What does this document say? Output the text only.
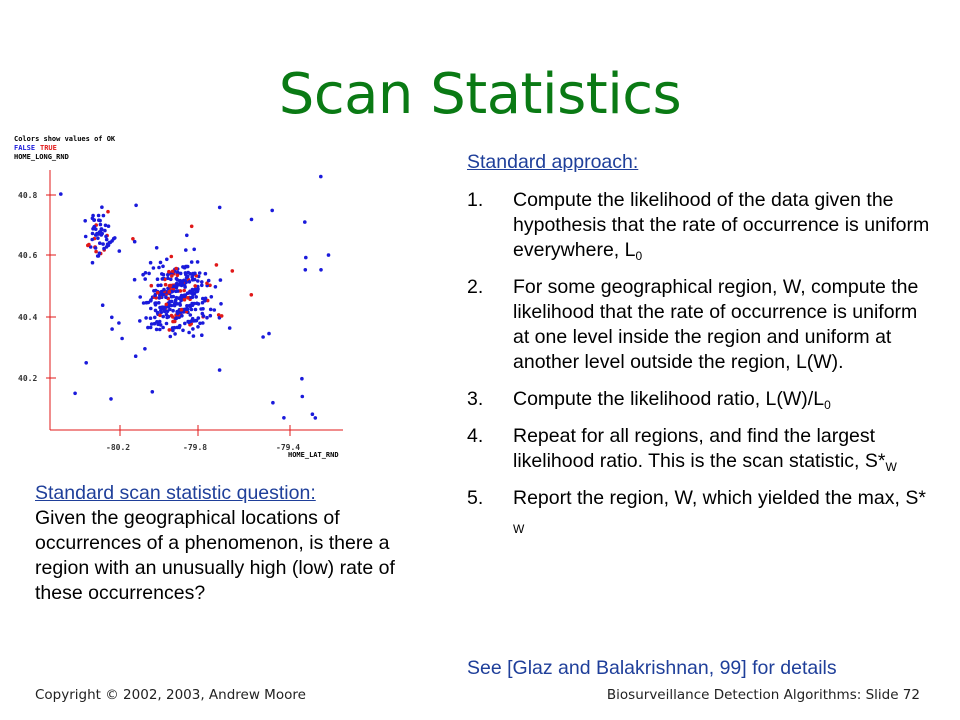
Scan Statistics
Colors show values of OK
FALSE TRUE
HOME_LONG_RND
40.8
40.6
40.4
40.2
-80.2	-79.8	-79.4
HOME_LAT_RND
Standard approach:
1. Compute the likelihood of the data given the hypothesis that the rate of occurrence is uniform everywhere, $L_0$
2. For some geographical region, W, compute the likelihood that the rate of occurrence is uniform at one level inside the region and uniform at another level outside the region, L(W).
3. Compute the likelihood ratio, $L(W)/L_0$
4. Repeat for all regions, and find the largest likelihood ratio. This is the scan statistic, $S*_W$
5. Report the region, W, which yielded the max, S* $_W$
See [Glaz and Balakrishnan, 99] for details
Standard scan statistic question:
Given the geographical locations of occurrences of a phenomenon, is there a region with an unusually high (low) rate of these occurrences?
Copyright © 2002, 2003, Andrew Moore	Biosurveillance Detection Algorithms: Slide 72
